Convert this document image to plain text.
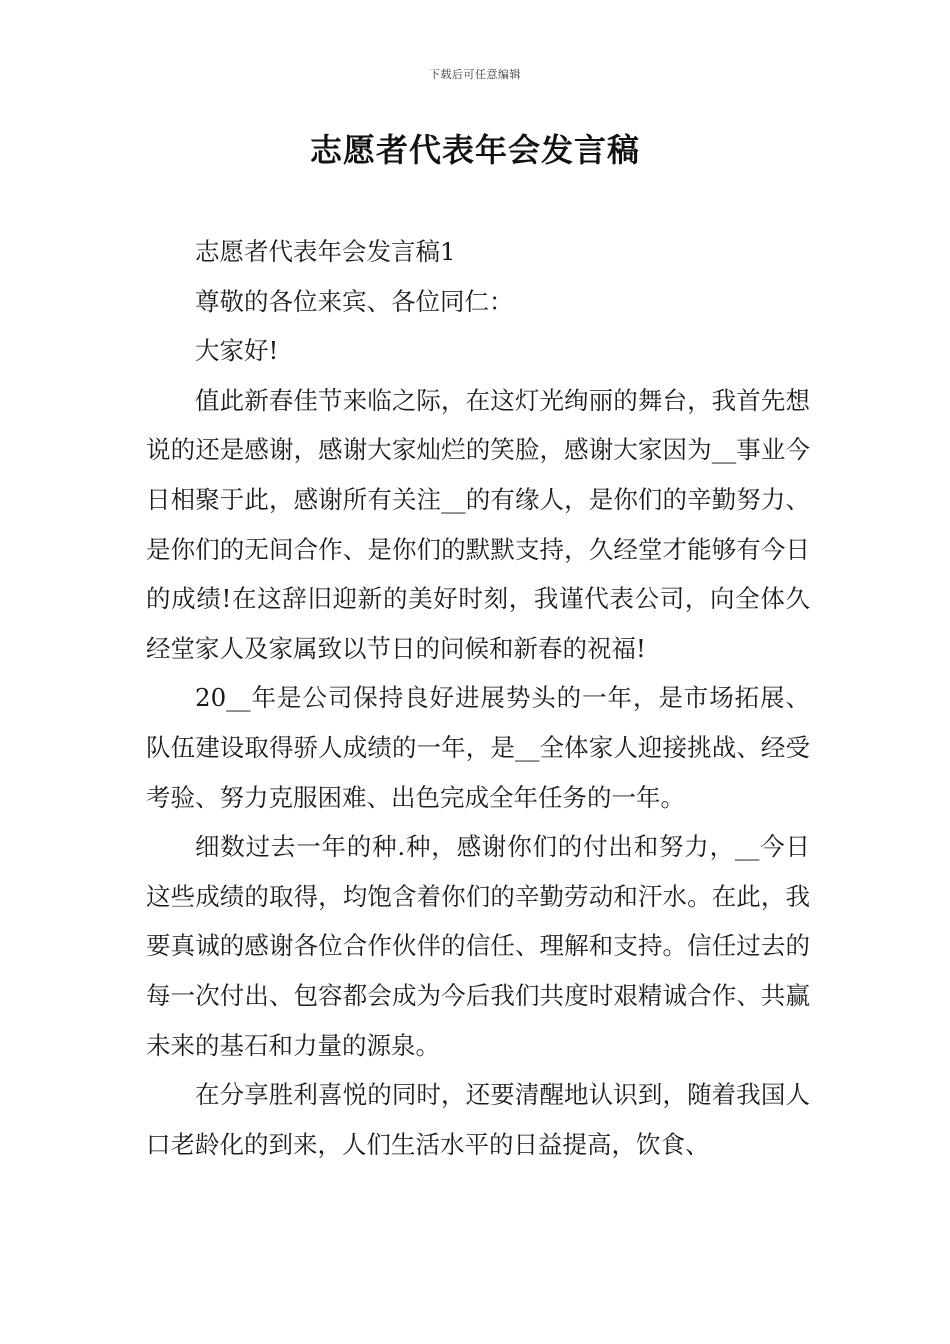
下载后可任意编辑
志愿者代表年会发言稿

志愿者代表年会发言稿1

尊敬的各位来宾、各位同仁：

大家好!

值此新春佳节来临之际，在这灯光绚丽的舞台，我首先想说的还是感谢，感谢大家灿烂的笑脸，感谢大家因为__事业今日相聚于此，感谢所有关注__的有缘人，是你们的辛勤努力、是你们的无间合作、是你们的默默支持，久经堂才能够有今日的成绩!在这辞旧迎新的美好时刻，我谨代表公司，向全体久经堂家人及家属致以节日的问候和新春的祝福!

20__年是公司保持良好进展势头的一年，是市场拓展、队伍建设取得骄人成绩的一年，是__全体家人迎接挑战、经受考验、努力克服困难、出色完成全年任务的一年。

细数过去一年的种.种，感谢你们的付出和努力，__今日这些成绩的取得，均饱含着你们的辛勤劳动和汗水。在此，我要真诚的感谢各位合作伙伴的信任、理解和支持。信任过去的每一次付出、包容都会成为今后我们共度时艰精诚合作、共赢未来的基石和力量的源泉。

在分享胜利喜悦的同时，还要清醒地认识到，随着我国人口老龄化的到来，人们生活水平的日益提高，饮食、
